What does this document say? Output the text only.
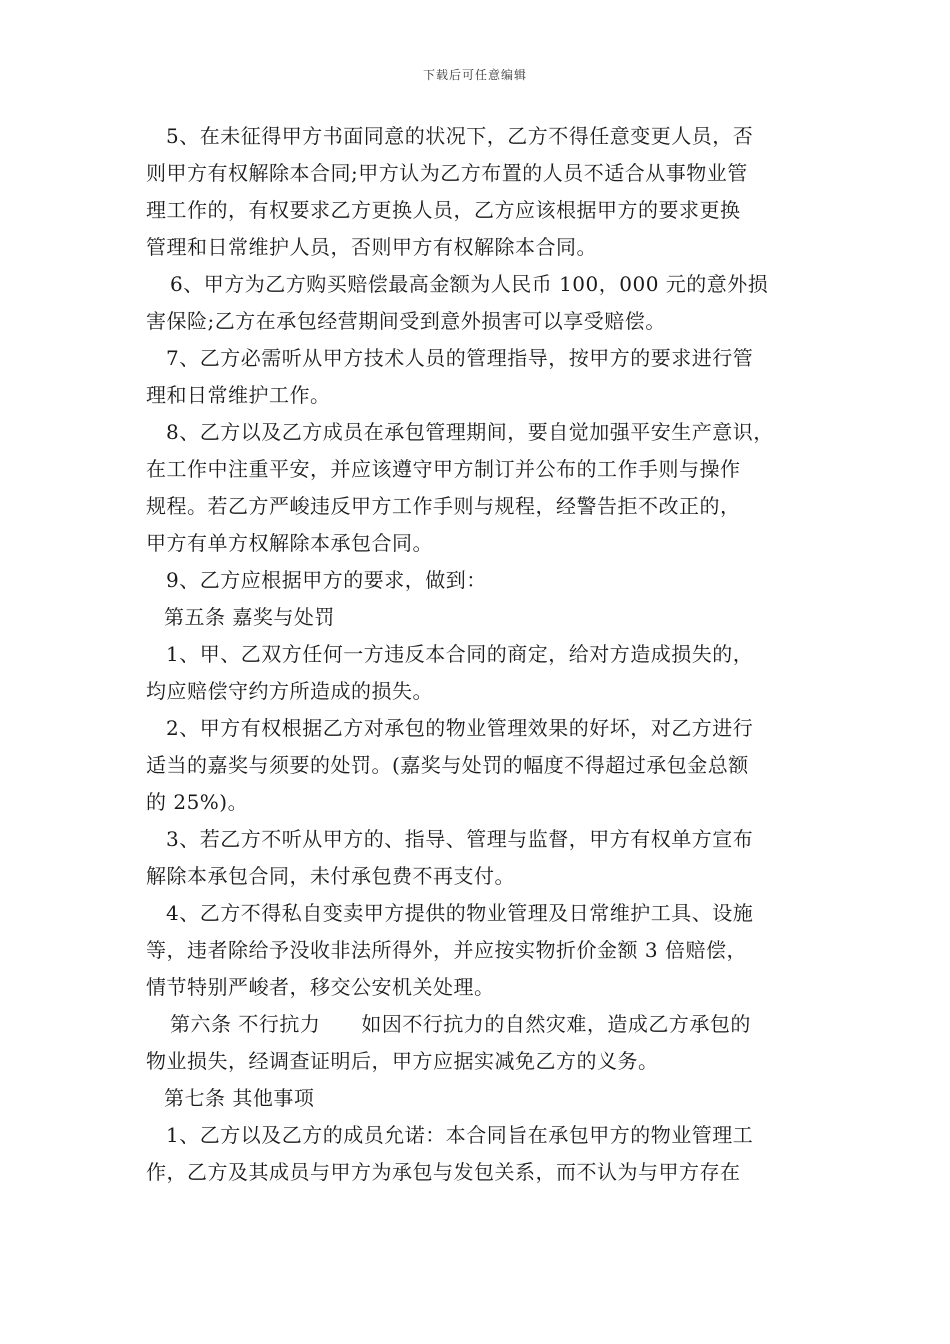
下载后可任意编辑

5、在未征得甲方书面同意的状况下，乙方不得任意变更人员，否
则甲方有权解除本合同;甲方认为乙方布置的人员不适合从事物业管
理工作的，有权要求乙方更换人员，乙方应该根据甲方的要求更换
管理和日常维护人员，否则甲方有权解除本合同。

6、甲方为乙方购买赔偿最高金额为人民币 100，000 元的意外损
害保险;乙方在承包经营期间受到意外损害可以享受赔偿。

7、乙方必需听从甲方技术人员的管理指导，按甲方的要求进行管
理和日常维护工作。

8、乙方以及乙方成员在承包管理期间，要自觉加强平安生产意识，
在工作中注重平安，并应该遵守甲方制订并公布的工作手则与操作
规程。若乙方严峻违反甲方工作手则与规程，经警告拒不改正的，
甲方有单方权解除本承包合同。

9、乙方应根据甲方的要求，做到：

第五条 嘉奖与处罚

1、甲、乙双方任何一方违反本合同的商定，给对方造成损失的，
均应赔偿守约方所造成的损失。

2、甲方有权根据乙方对承包的物业管理效果的好坏，对乙方进行
适当的嘉奖与须要的处罚。(嘉奖与处罚的幅度不得超过承包金总额
的 25%)。

3、若乙方不听从甲方的、指导、管理与监督，甲方有权单方宣布
解除本承包合同，未付承包费不再支付。

4、乙方不得私自变卖甲方提供的物业管理及日常维护工具、设施
等，违者除给予没收非法所得外，并应按实物折价金额 3 倍赔偿，
情节特别严峻者，移交公安机关处理。

第六条 不行抗力　　如因不行抗力的自然灾难，造成乙方承包的
物业损失，经调查证明后，甲方应据实减免乙方的义务。

第七条 其他事项

1、乙方以及乙方的成员允诺：本合同旨在承包甲方的物业管理工
作，乙方及其成员与甲方为承包与发包关系，而不认为与甲方存在
